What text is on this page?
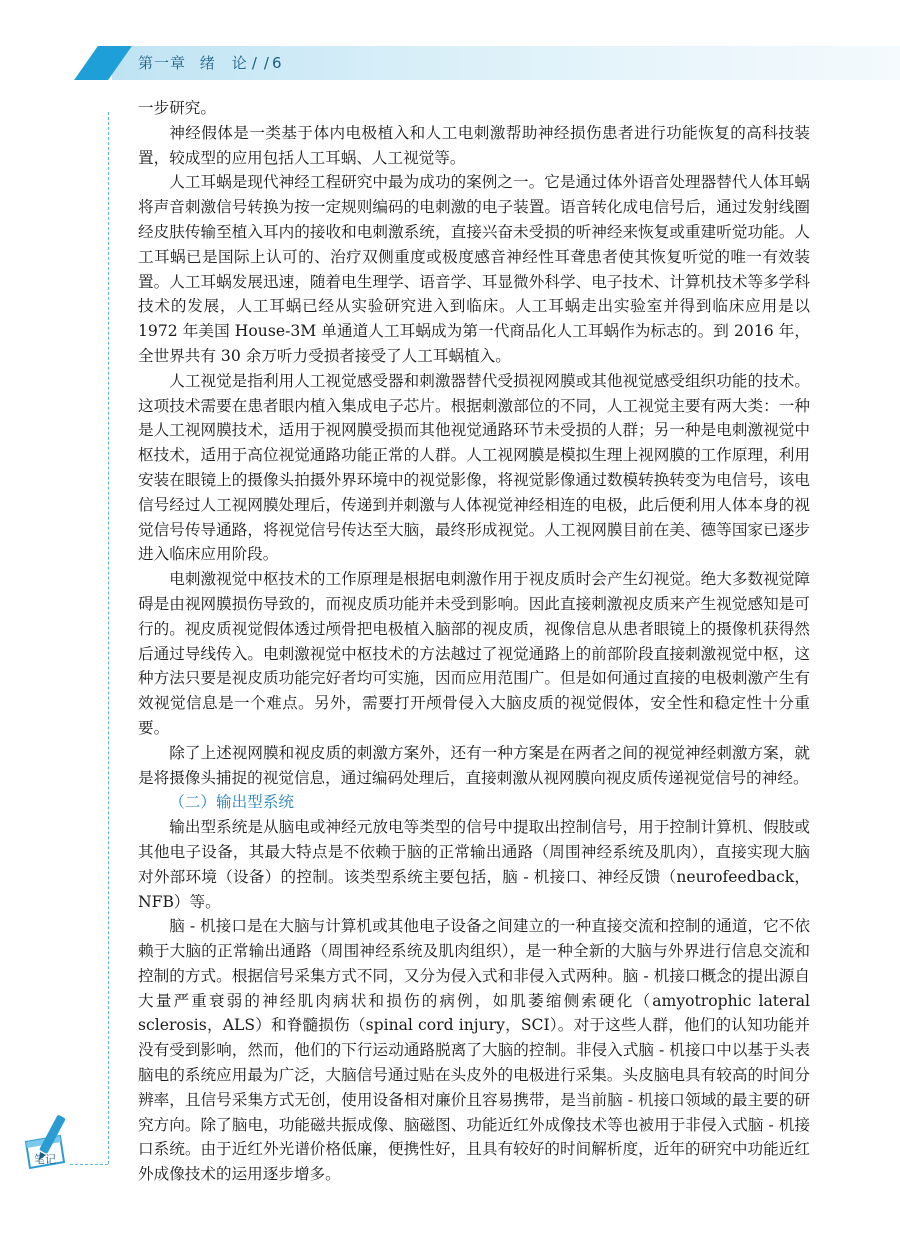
第一章 绪　论 / / 6
笔记

一步研究。

神经假体是一类基于体内电极植入和人工电刺激帮助神经损伤患者进行功能恢复的高科技装置，较成型的应用包括人工耳蜗、人工视觉等。

人工耳蜗是现代神经工程研究中最为成功的案例之一。它是通过体外语音处理器替代人体耳蜗将声音刺激信号转换为按一定规则编码的电刺激的电子装置。语音转化成电信号后，通过发射线圈经皮肤传输至植入耳内的接收和电刺激系统，直接兴奋未受损的听神经来恢复或重建听觉功能。人工耳蜗已是国际上认可的、治疗双侧重度或极度感音神经性耳聋患者使其恢复听觉的唯一有效装置。人工耳蜗发展迅速，随着电生理学、语音学、耳显微外科学、电子技术、计算机技术等多学科技术的发展，人工耳蜗已经从实验研究进入到临床。人工耳蜗走出实验室并得到临床应用是以 1972 年美国 House-3M 单通道人工耳蜗成为第一代商品化人工耳蜗作为标志的。到 2016 年，全世界共有 30 余万听力受损者接受了人工耳蜗植入。

人工视觉是指利用人工视觉感受器和刺激器替代受损视网膜或其他视觉感受组织功能的技术。这项技术需要在患者眼内植入集成电子芯片。根据刺激部位的不同，人工视觉主要有两大类：一种是人工视网膜技术，适用于视网膜受损而其他视觉通路环节未受损的人群；另一种是电刺激视觉中枢技术，适用于高位视觉通路功能正常的人群。人工视网膜是模拟生理上视网膜的工作原理，利用安装在眼镜上的摄像头拍摄外界环境中的视觉影像，将视觉影像通过数模转换转变为电信号，该电信号经过人工视网膜处理后，传递到并刺激与人体视觉神经相连的电极，此后便利用人体本身的视觉信号传导通路，将视觉信号传达至大脑，最终形成视觉。人工视网膜目前在美、德等国家已逐步进入临床应用阶段。

电刺激视觉中枢技术的工作原理是根据电刺激作用于视皮质时会产生幻视觉。绝大多数视觉障碍是由视网膜损伤导致的，而视皮质功能并未受到影响。因此直接刺激视皮质来产生视觉感知是可行的。视皮质视觉假体透过颅骨把电极植入脑部的视皮质，视像信息从患者眼镜上的摄像机获得然后通过导线传入。电刺激视觉中枢技术的方法越过了视觉通路上的前部阶段直接刺激视觉中枢，这种方法只要是视皮质功能完好者均可实施，因而应用范围广。但是如何通过直接的电极刺激产生有效视觉信息是一个难点。另外，需要打开颅骨侵入大脑皮质的视觉假体，安全性和稳定性十分重要。

除了上述视网膜和视皮质的刺激方案外，还有一种方案是在两者之间的视觉神经刺激方案，就是将摄像头捕捉的视觉信息，通过编码处理后，直接刺激从视网膜向视皮质传递视觉信号的神经。

（二）输出型系统

输出型系统是从脑电或神经元放电等类型的信号中提取出控制信号，用于控制计算机、假肢或其他电子设备，其最大特点是不依赖于脑的正常输出通路（周围神经系统及肌肉），直接实现大脑对外部环境（设备）的控制。该类型系统主要包括，脑 - 机接口、神经反馈（neurofeedback，NFB）等。

脑 - 机接口是在大脑与计算机或其他电子设备之间建立的一种直接交流和控制的通道，它不依赖于大脑的正常输出通路（周围神经系统及肌肉组织），是一种全新的大脑与外界进行信息交流和控制的方式。根据信号采集方式不同，又分为侵入式和非侵入式两种。脑 - 机接口概念的提出源自大量严重衰弱的神经肌肉病状和损伤的病例，如肌萎缩侧索硬化（amyotrophic lateral sclerosis，ALS）和脊髓损伤（spinal cord injury，SCI）。对于这些人群，他们的认知功能并没有受到影响，然而，他们的下行运动通路脱离了大脑的控制。非侵入式脑 - 机接口中以基于头表脑电的系统应用最为广泛，大脑信号通过贴在头皮外的电极进行采集。头皮脑电具有较高的时间分辨率，且信号采集方式无创，使用设备相对廉价且容易携带，是当前脑 - 机接口领域的最主要的研究方向。除了脑电，功能磁共振成像、脑磁图、功能近红外成像技术等也被用于非侵入式脑 - 机接口系统。由于近红外光谱价格低廉，便携性好，且具有较好的时间解析度，近年的研究中功能近红外成像技术的运用逐步增多。
